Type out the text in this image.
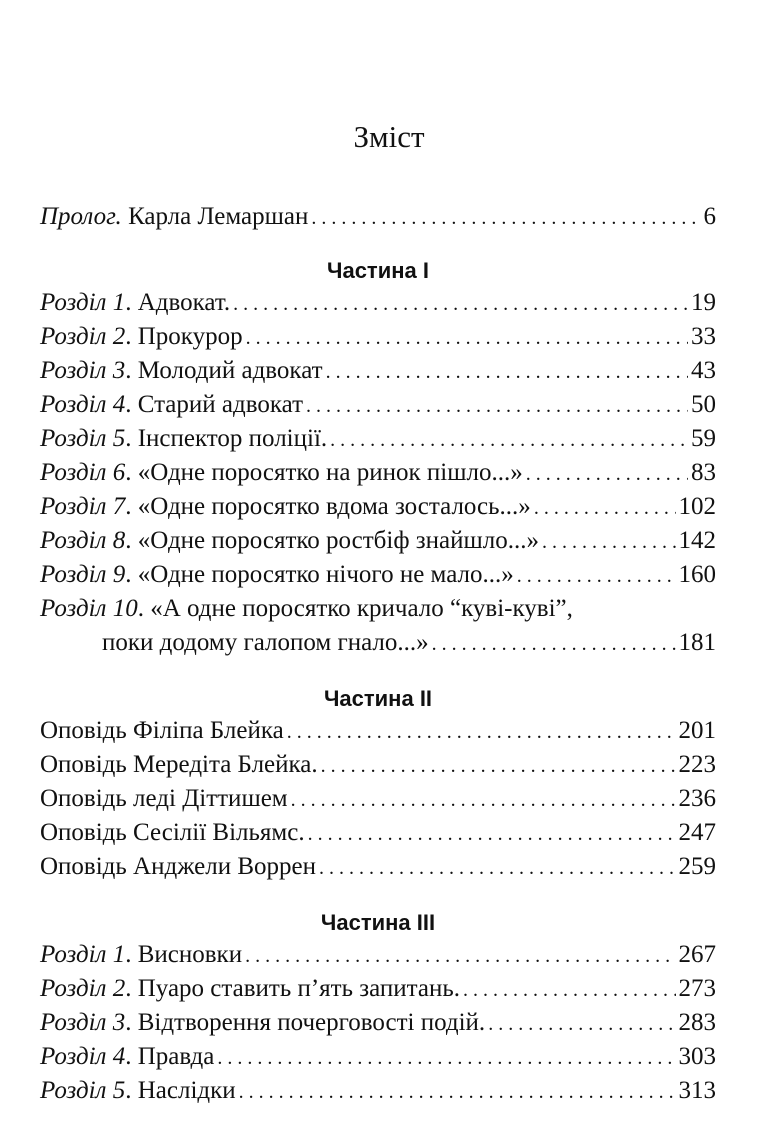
Зміст
Пролог. Карла Лемаршан . . .	6
Частина I
Розділ 1. Адвокат. . . .	19
Розділ 2. Прокурор . . .	33
Розділ 3. Молодий адвокат . . .	43
Розділ 4. Старий адвокат . . .	50
Розділ 5. Інспектор поліції. . . .	59
Розділ 6. «Одне поросятко на ринок пішло...» . . .	83
Розділ 7. «Одне поросятко вдома зосталось...» . . .	102
Розділ 8. «Одне поросятко ростбіф знайшло...» . . .	142
Розділ 9. «Одне поросятко нічого не мало...» . . .	160
Розділ 10. «А одне поросятко кричало “куві-куві”,
поки додому галопом гнало...» . . .	181
Частина II
Оповідь Філіпа Блейка . . .	201
Оповідь Мередіта Блейка. . . .	223
Оповідь леді Діттишем . . .	236
Оповідь Сесілії Вільямс. . . .	247
Оповідь Анджели Воррен . . .	259
Частина III
Розділ 1. Висновки . . .	267
Розділ 2. Пуаро ставить п’ять запитань. . . .	273
Розділ 3. Відтворення почерговості подій. . . .	283
Розділ 4. Правда . . .	303
Розділ 5. Наслідки . . .	313
